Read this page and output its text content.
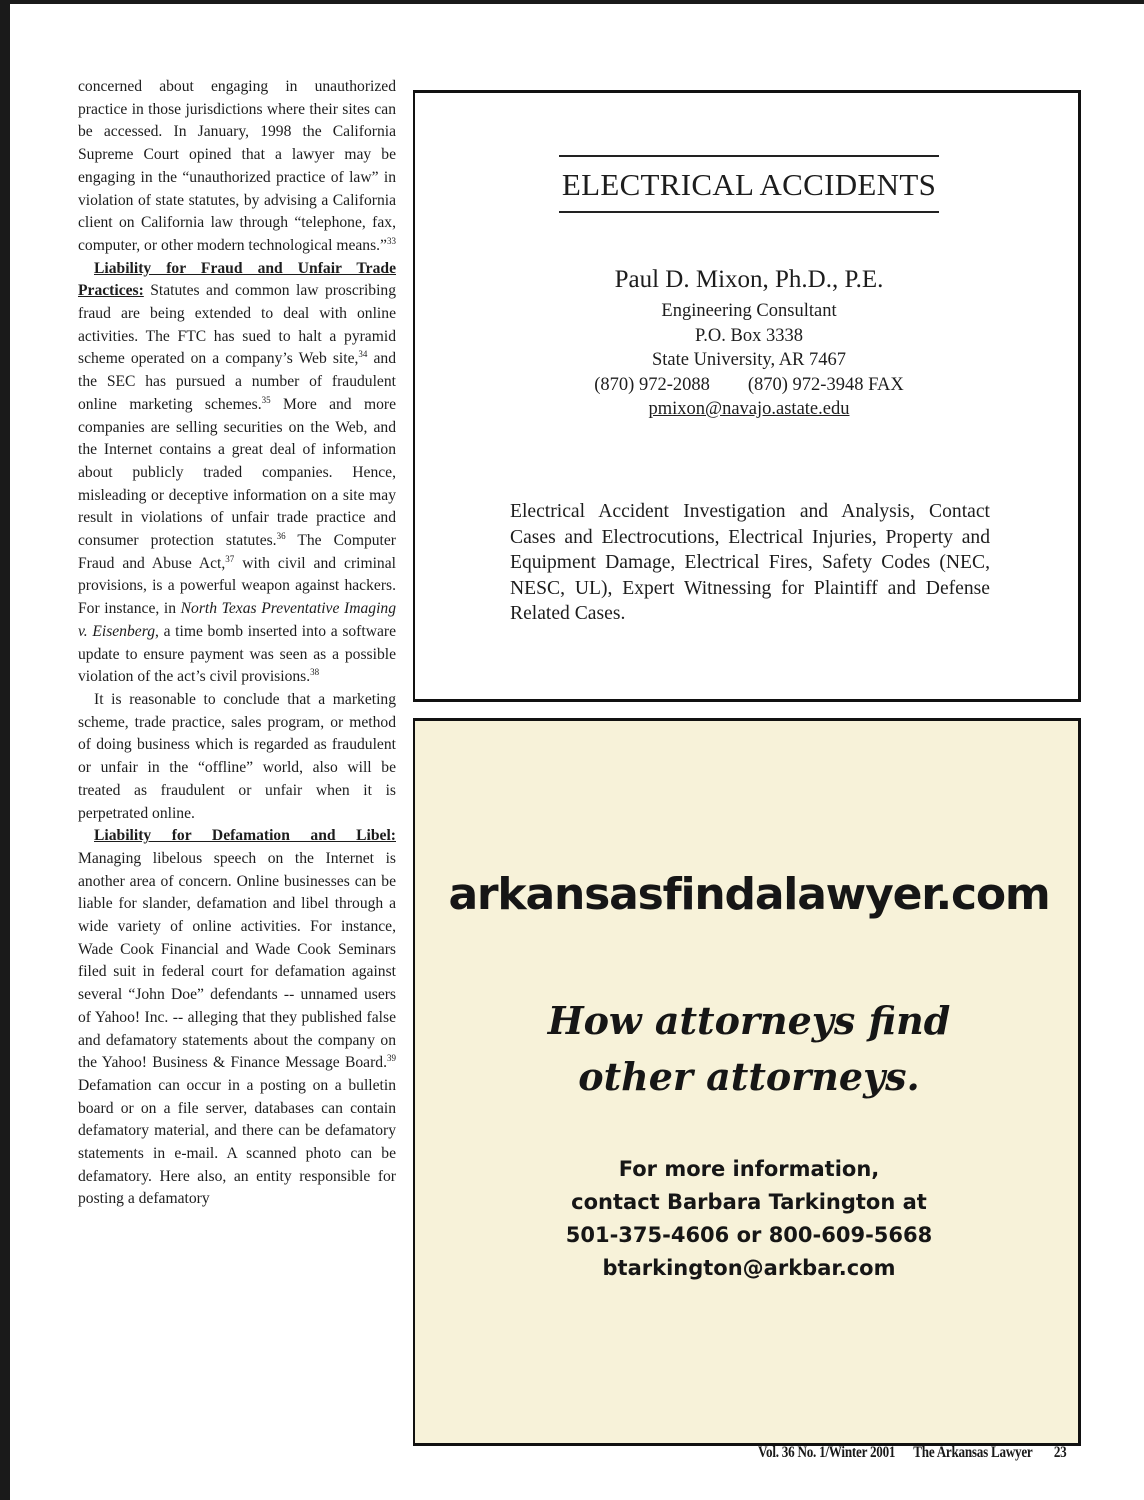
concerned about engaging in unauthorized practice in those jurisdictions where their sites can be accessed. In January, 1998 the California Supreme Court opined that a lawyer may be engaging in the “unauthorized practice of law” in violation of state statutes, by advising a California client on California law through “telephone, fax, computer, or other modern technological means.”$^{33}$

Liability for Fraud and Unfair Trade Practices: Statutes and common law proscribing fraud are being extended to deal with online activities. The FTC has sued to halt a pyramid scheme operated on a company’s Web site,$^{34}$ and the SEC has pursued a number of fraudulent online marketing schemes.$^{35}$ More and more companies are selling securities on the Web, and the Internet contains a great deal of information about publicly traded companies. Hence, misleading or deceptive information on a site may result in violations of unfair trade practice and consumer protection statutes.$^{36}$ The Computer Fraud and Abuse Act,$^{37}$ with civil and criminal provisions, is a powerful weapon against hackers. For instance, in North Texas Preventative Imaging v. Eisenberg, a time bomb inserted into a software update to ensure payment was seen as a possible violation of the act’s civil provisions.$^{38}$

It is reasonable to conclude that a marketing scheme, trade practice, sales program, or method of doing business which is regarded as fraudulent or unfair in the “offline” world, also will be treated as fraudulent or unfair when it is perpetrated online.

Liability for Defamation and Libel: Managing libelous speech on the Internet is another area of concern. Online businesses can be liable for slander, defamation and libel through a wide variety of online activities. For instance, Wade Cook Financial and Wade Cook Seminars filed suit in federal court for defamation against several “John Doe” defendants -- unnamed users of Yahoo! Inc. -- alleging that they published false and defamatory statements about the company on the Yahoo! Business & Finance Message Board.$^{39}$ Defamation can occur in a posting on a bulletin board or on a file server, databases can contain defamatory material, and there can be defamatory statements in e-mail. A scanned photo can be defamatory. Here also, an entity responsible for posting a defamatory

ELECTRICAL ACCIDENTS
Paul D. Mixon, Ph.D., P.E.
Engineering Consultant
P.O. Box 3338
State University, AR 7467
(870) 972-2088 (870) 972-3948 FAX
pmixon@navajo.astate.edu
Electrical Accident Investigation and Analysis, Contact Cases and Electrocutions, Electrical Injuries, Property and Equipment Damage, Electrical Fires, Safety Codes (NEC, NESC, UL), Expert Witnessing for Plaintiff and Defense Related Cases.
arkansasfindalawyer.com
How attorneys find
other attorneys.
For more information,
contact Barbara Tarkington at
501-375-4606 or 800-609-5668
btarkington@arkbar.com
Vol. 36 No. 1/Winter 2001 The Arkansas Lawyer 23
